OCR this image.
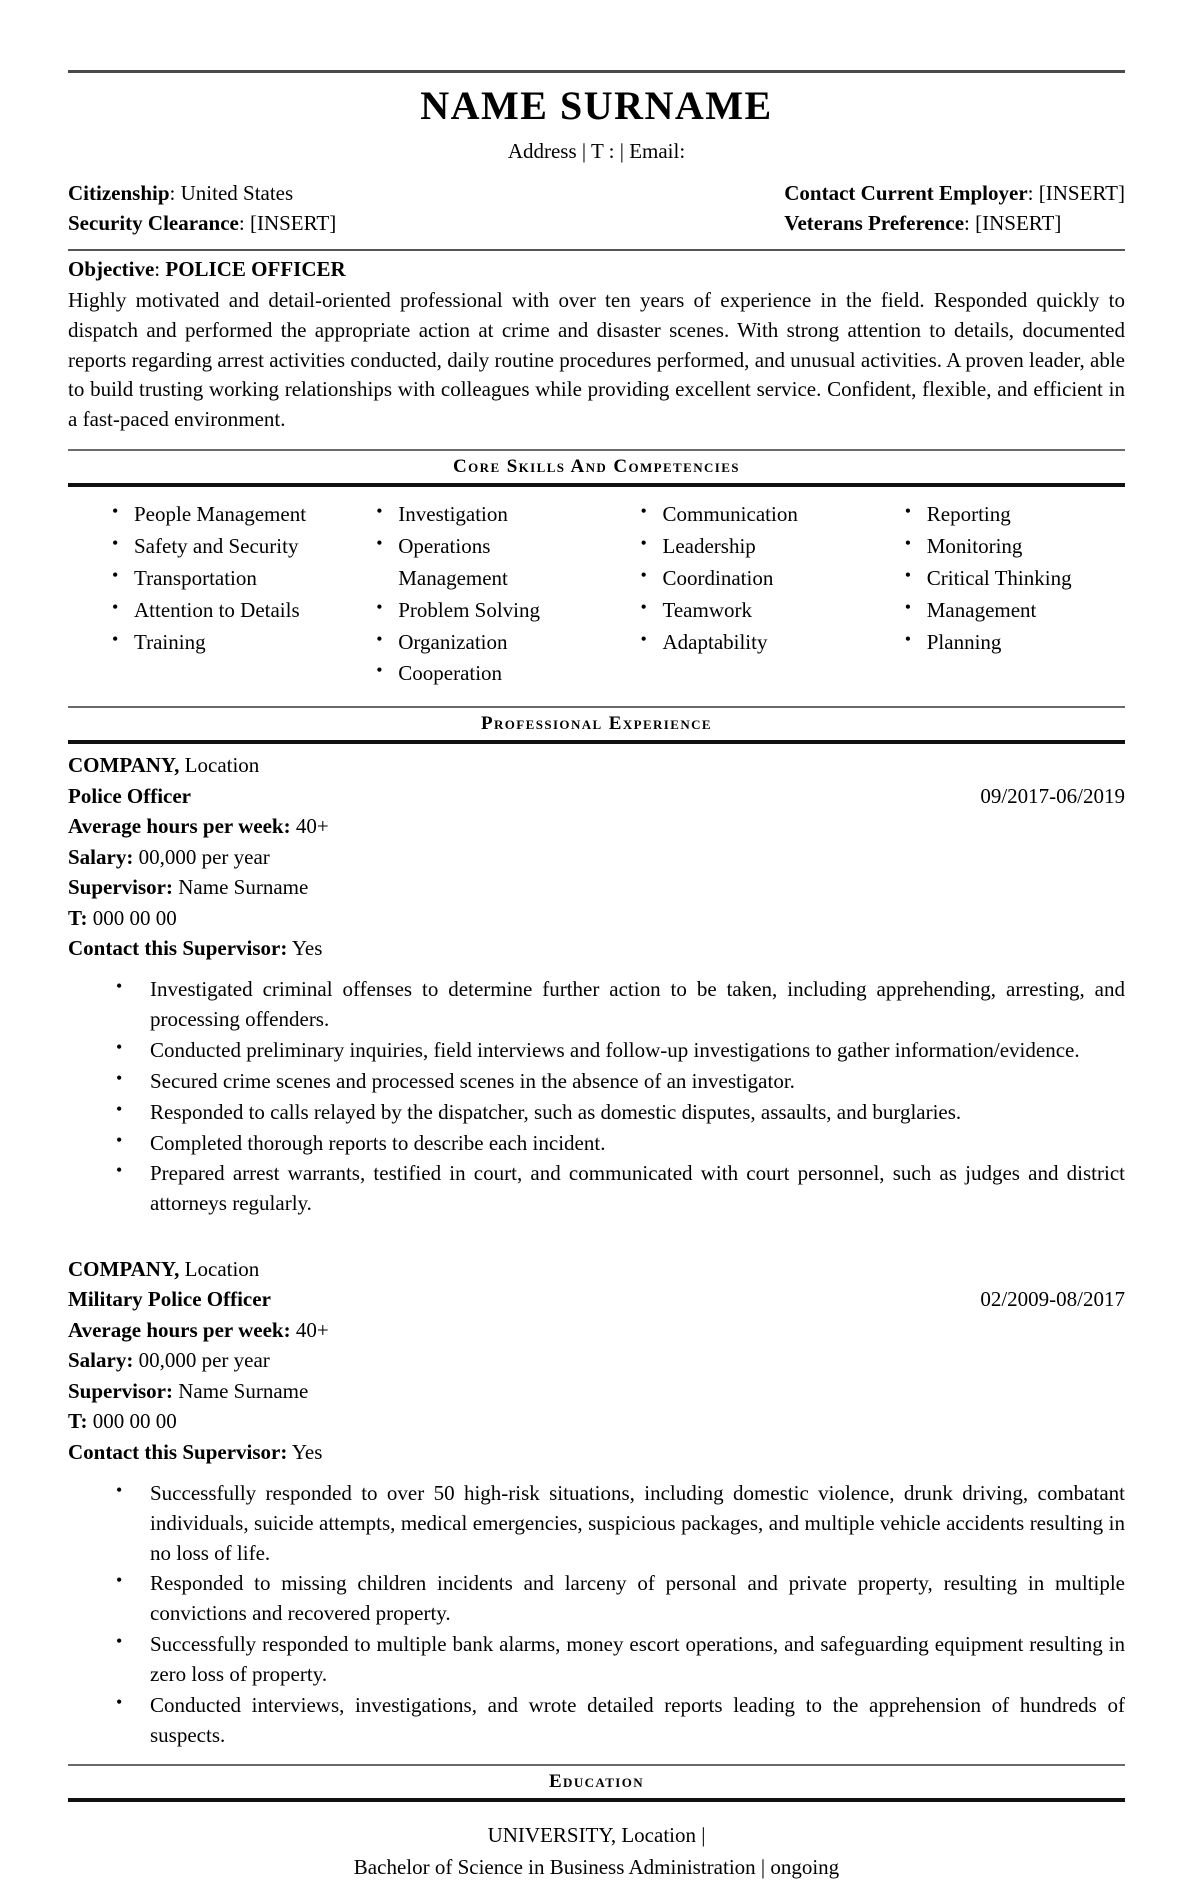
NAME SURNAME
Address | T : | Email:
Citizenship: United States
Security Clearance: [INSERT]
Contact Current Employer: [INSERT]
Veterans Preference: [INSERT]
Objective: POLICE OFFICER
Highly motivated and detail-oriented professional with over ten years of experience in the field. Responded quickly to dispatch and performed the appropriate action at crime and disaster scenes. With strong attention to details, documented reports regarding arrest activities conducted, daily routine procedures performed, and unusual activities. A proven leader, able to build trusting working relationships with colleagues while providing excellent service. Confident, flexible, and efficient in a fast-paced environment.
Core Skills And Competencies
• People Management
• Safety and Security
• Transportation
• Attention to Details
• Training
• Investigation
• Operations Management
• Problem Solving
• Organization
• Cooperation
• Communication
• Leadership
• Coordination
• Teamwork
• Adaptability
• Reporting
• Monitoring
• Critical Thinking
• Management
• Planning
Professional Experience
COMPANY, Location
Police Officer	09/2017-06/2019
Average hours per week: 40+
Salary: 00,000 per year
Supervisor: Name Surname
T: 000 00 00
Contact this Supervisor: Yes
• Investigated criminal offenses to determine further action to be taken, including apprehending, arresting, and processing offenders.
• Conducted preliminary inquiries, field interviews and follow-up investigations to gather information/evidence.
• Secured crime scenes and processed scenes in the absence of an investigator.
• Responded to calls relayed by the dispatcher, such as domestic disputes, assaults, and burglaries.
• Completed thorough reports to describe each incident.
• Prepared arrest warrants, testified in court, and communicated with court personnel, such as judges and district attorneys regularly.
COMPANY, Location
Military Police Officer	02/2009-08/2017
Average hours per week: 40+
Salary: 00,000 per year
Supervisor: Name Surname
T: 000 00 00
Contact this Supervisor: Yes
• Successfully responded to over 50 high-risk situations, including domestic violence, drunk driving, combatant individuals, suicide attempts, medical emergencies, suspicious packages, and multiple vehicle accidents resulting in no loss of life.
• Responded to missing children incidents and larceny of personal and private property, resulting in multiple convictions and recovered property.
• Successfully responded to multiple bank alarms, money escort operations, and safeguarding equipment resulting in zero loss of property.
• Conducted interviews, investigations, and wrote detailed reports leading to the apprehension of hundreds of suspects.
Education
UNIVERSITY, Location |
Bachelor of Science in Business Administration | ongoing
